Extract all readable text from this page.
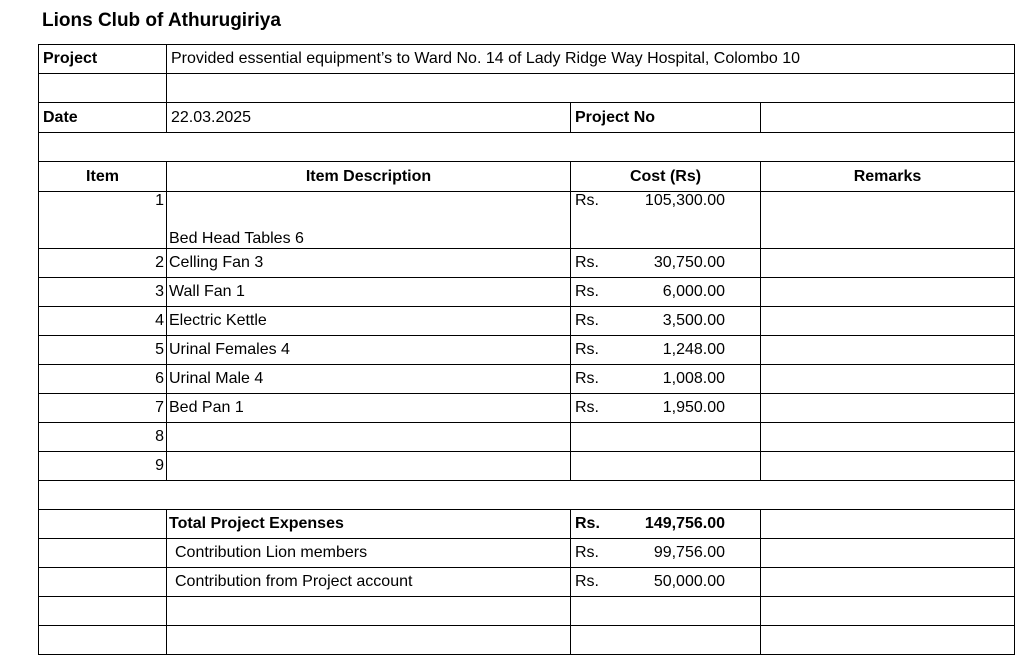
Lions Club of Athurugiriya
Project	Provided essential equipment’s to Ward No. 14 of Lady Ridge Way Hospital, Colombo 10		

Date	22.03.2025	Project No	

Item	Item Description	Cost (Rs)	Remarks
1	Bed Head Tables 6	Rs. 105,300.00	

2	Celling Fan 3	Rs. 30,750.00	

3	Wall Fan 1	Rs. 6,000.00	

4	Electric Kettle	Rs. 3,500.00	

5	Urinal Females 4	Rs. 1,248.00	

6	Urinal Male 4	Rs. 1,008.00	

7	Bed Pan 1	Rs. 1,950.00	

8			
9			

	Total Project Expenses	Rs. 149,756.00	

	Contribution Lion members	Rs. 99,756.00	

	Contribution from Project account	Rs. 50,000.00	
